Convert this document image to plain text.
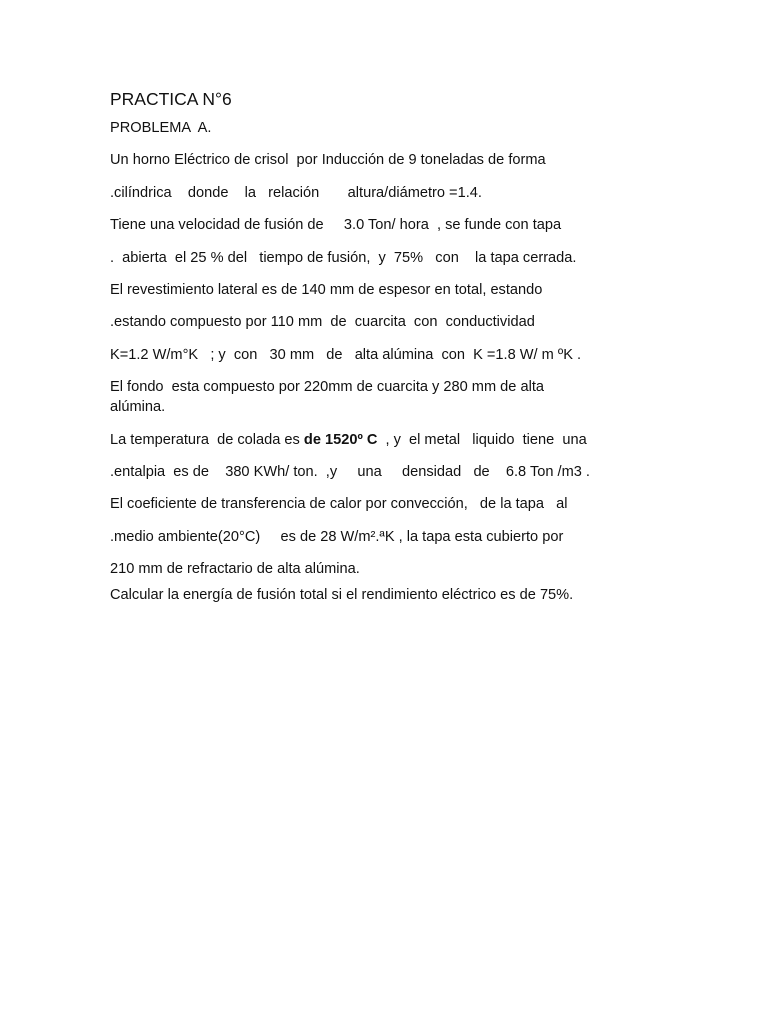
PRACTICA N°6
PROBLEMA  A.
Un horno Eléctrico de crisol  por Inducción de 9 toneladas de forma
.cilíndrica    donde    la   relación       altura/diámetro =1.4.
Tiene una velocidad de fusión de     3.0 Ton/ hora  , se funde con tapa
.  abierta  el 25 % del   tiempo de fusión,  y  75%   con    la tapa cerrada.
El revestimiento lateral es de 140 mm de espesor en total, estando
.estando compuesto por 110 mm  de  cuarcita  con  conductividad
K=1.2 W/m°K   ; y  con   30 mm   de   alta alúmina  con  K =1.8 W/ m ºK .
El fondo  esta compuesto por 220mm de cuarcita y 280 mm de alta
alúmina.
La temperatura  de colada es de 1520º C  , y  el metal   liquido  tiene  una
.entalpia  es de    380 KWh/ ton.  ,y     una     densidad   de    6.8 Ton /m3 .
El coeficiente de transferencia de calor por convección,   de la tapa   al
.medio ambiente(20°C)     es de 28 W/m².ªK , la tapa esta cubierto por
210 mm de refractario de alta alúmina.
Calcular la energía de fusión total si el rendimiento eléctrico es de 75%.
